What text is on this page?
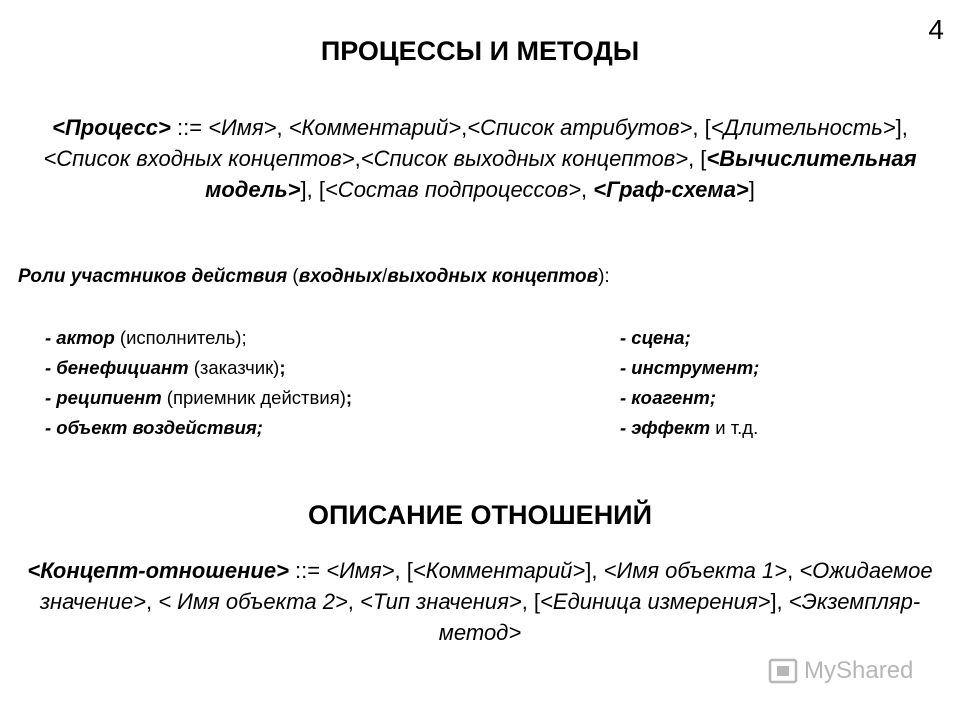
4
ПРОЦЕССЫ И МЕТОДЫ
<Процесс> ::= <Имя>, <Комментарий>,<Список атрибутов>, [<Длительность>], <Список входных концептов>,<Список выходных концептов>, [<Вычислительная модель>], [<Состав подпроцессов>, <Граф-схема>]
Роли участников действия (входных/выходных концептов):
- актор (исполнитель);
- бенефициант (заказчик);
- реципиент (приемник действия);
- объект воздействия;
- сцена;
- инструмент;
- коагент;
- эффект и т.д.
ОПИСАНИЕ ОТНОШЕНИЙ
<Концепт-отношение> ::= <Имя>, [<Комментарий>], <Имя объекта 1>, <Ожидаемое значение>, < Имя объекта 2>, <Тип значения>, [<Единица измерения>], <Экземпляр-метод>
MyShared
